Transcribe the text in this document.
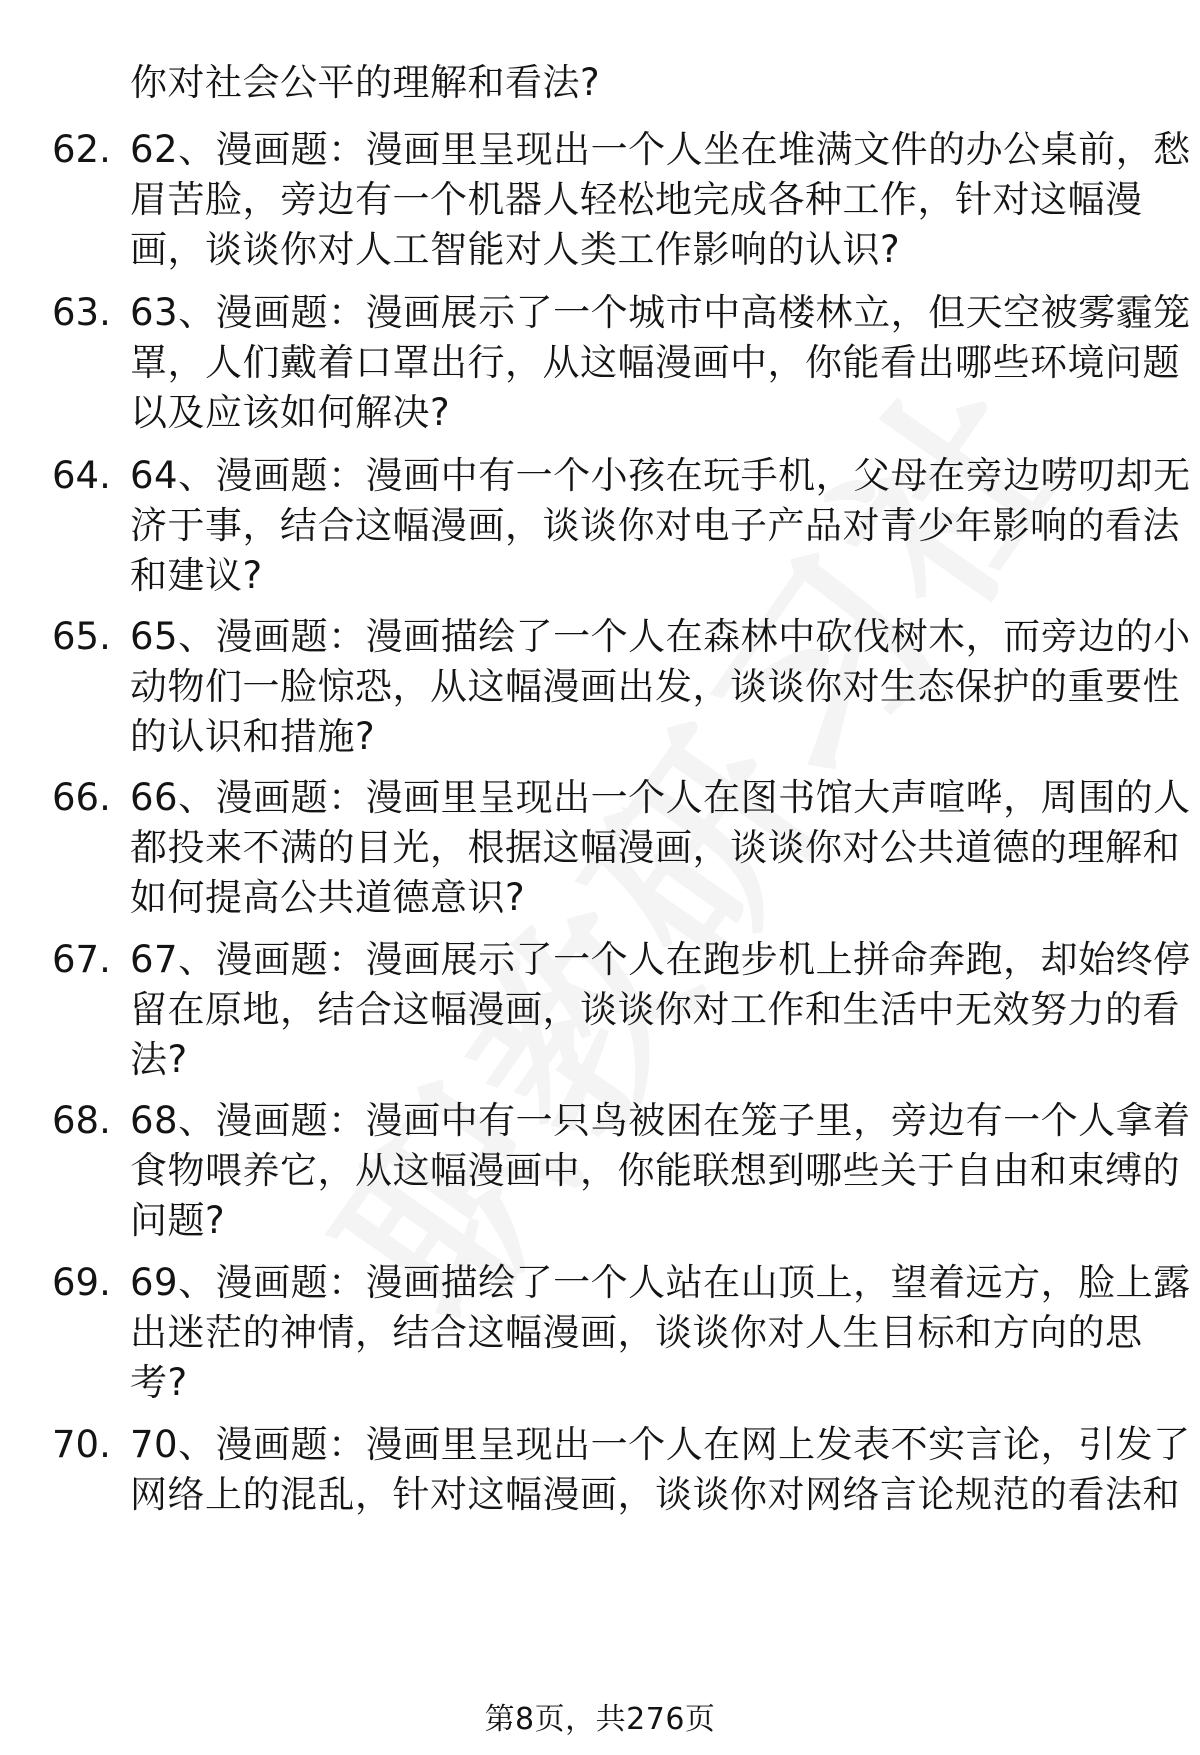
你对社会公平的理解和看法?
62. 62、漫画题：漫画里呈现出一个人坐在堆满文件的办公桌前，愁
眉苦脸，旁边有一个机器人轻松地完成各种工作，针对这幅漫
画，谈谈你对人工智能对人类工作影响的认识?
63. 63、漫画题：漫画展示了一个城市中高楼林立，但天空被雾霾笼
罩，人们戴着口罩出行，从这幅漫画中，你能看出哪些环境问题
以及应该如何解决?
64. 64、漫画题：漫画中有一个小孩在玩手机，父母在旁边唠叨却无
济于事，结合这幅漫画，谈谈你对电子产品对青少年影响的看法
和建议?
65. 65、漫画题：漫画描绘了一个人在森林中砍伐树木，而旁边的小
动物们一脸惊恐，从这幅漫画出发，谈谈你对生态保护的重要性
的认识和措施?
66. 66、漫画题：漫画里呈现出一个人在图书馆大声喧哗，周围的人
都投来不满的目光，根据这幅漫画，谈谈你对公共道德的理解和
如何提高公共道德意识?
67. 67、漫画题：漫画展示了一个人在跑步机上拼命奔跑，却始终停
留在原地，结合这幅漫画，谈谈你对工作和生活中无效努力的看
法?
68. 68、漫画题：漫画中有一只鸟被困在笼子里，旁边有一个人拿着
食物喂养它，从这幅漫画中，你能联想到哪些关于自由和束缚的
问题?
69. 69、漫画题：漫画描绘了一个人站在山顶上，望着远方，脸上露
出迷茫的神情，结合这幅漫画，谈谈你对人生目标和方向的思
考?
70. 70、漫画题：漫画里呈现出一个人在网上发表不实言论，引发了
网络上的混乱，针对这幅漫画，谈谈你对网络言论规范的看法和
第8页，共276页
